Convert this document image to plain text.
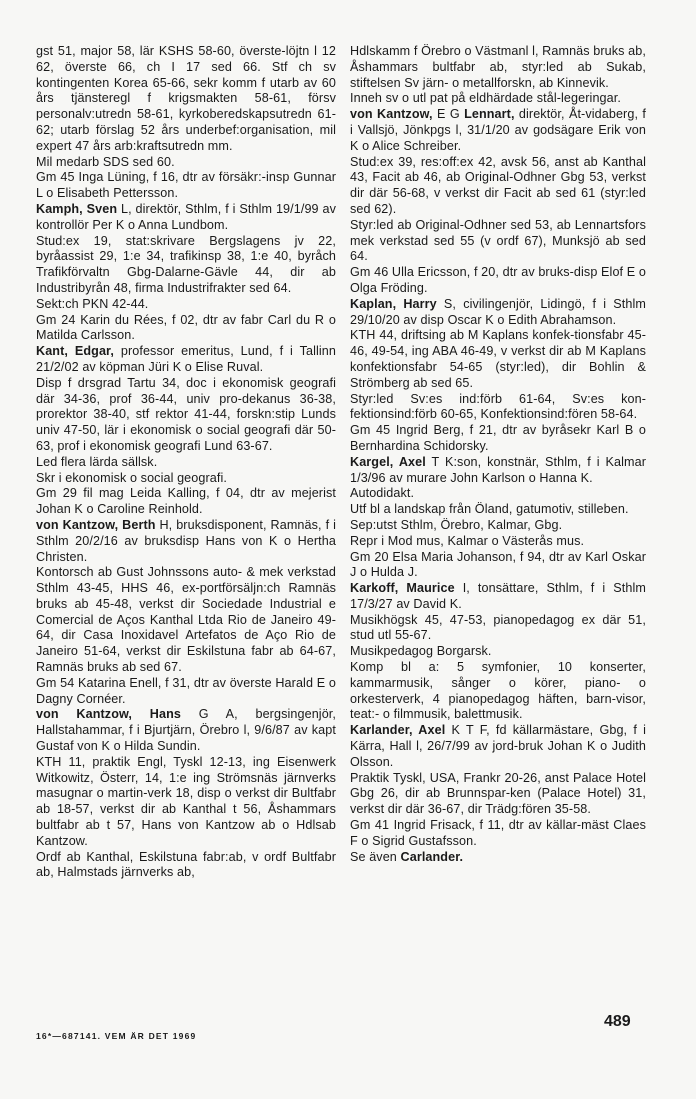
gst 51, major 58, lär KSHS 58-60, överste-löjtn l 12 62, överste 66, ch I 17 sed 66. Stf ch sv kontingenten Korea 65-66, sekr komm f utarb av 60 års tjänsteregl f krigsmakten 58-61, försv personalv:utredn 58-61, kyrkoberedskapsutredn 61-62; utarb förslag 52 års underbef:organisation, mil expert 47 års arb:kraftsutredn mm.

Mil medarb SDS sed 60.

Gm 45 Inga Lüning, f 16, dtr av försäkr:-insp Gunnar L o Elisabeth Pettersson.

Kamph, Sven L, direktör, Sthlm, f i Sthlm 19/1/99 av kontrollör Per K o Anna Lundbom.

Stud:ex 19, stat:skrivare Bergslagens jv 22, byråassist 29, 1:e 34, trafikinsp 38, 1:e 40, byråch Trafikförvaltn Gbg-Dalarne-Gävle 44, dir ab Industribyrån 48, firma Industrifrakter sed 64.

Sekt:ch PKN 42-44.

Gm 24 Karin du Rées, f 02, dtr av fabr Carl du R o Matilda Carlsson.

Kant, Edgar, professor emeritus, Lund, f i Tallinn 21/2/02 av köpman Jüri K o Elise Ruval.

Disp f drsgrad Tartu 34, doc i ekonomisk geografi där 34-36, prof 36-44, univ pro-dekanus 36-38, prorektor 38-40, stf rektor 41-44, forskn:stip Lunds univ 47-50, lär i ekonomisk o social geografi där 50-63, prof i ekonomisk geografi Lund 63-67.

Led flera lärda sällsk.

Skr i ekonomisk o social geografi.

Gm 29 fil mag Leida Kalling, f 04, dtr av mejerist Johan K o Caroline Reinhold.

von Kantzow, Berth H, bruksdisponent, Ramnäs, f i Sthlm 20/2/16 av bruksdisp Hans von K o Hertha Christen.

Kontorsch ab Gust Johnssons auto- & mek verkstad Sthlm 43-45, HHS 46, ex-portförsäljn:ch Ramnäs bruks ab 45-48, verkst dir Sociedade Industrial e Comercial de Aços Kanthal Ltda Rio de Janeiro 49-64, dir Casa Inoxidavel Artefatos de Aço Rio de Janeiro 51-64, verkst dir Eskilstuna fabr ab 64-67, Ramnäs bruks ab sed 67.

Gm 54 Katarina Enell, f 31, dtr av överste Harald E o Dagny Cornéer.

von Kantzow, Hans G A, bergsingenjör, Hallstahammar, f i Bjurtjärn, Örebro l, 9/6/87 av kapt Gustaf von K o Hilda Sundin.

KTH 11, praktik Engl, Tyskl 12-13, ing Eisenwerk Witkowitz, Österr, 14, 1:e ing Strömsnäs järnverks masugnar o martin-verk 18, disp o verkst dir Bultfabr ab 18-57, verkst dir ab Kanthal t 56, Åshammars bultfabr ab t 57, Hans von Kantzow ab o Hdlsab Kantzow.

Ordf ab Kanthal, Eskilstuna fabr:ab, v ordf Bultfabr ab, Halmstads järnverks ab,

Hdlskamm f Örebro o Västmanl l, Ramnäs bruks ab, Åshammars bultfabr ab, styr:led ab Sukab, stiftelsen Sv järn- o metallforskn, ab Kinnevik.

Inneh sv o utl pat på eldhärdade stål-legeringar.

von Kantzow, E G Lennart, direktör, Åt-vidaberg, f i Vallsjö, Jönkpgs l, 31/1/20 av godsägare Erik von K o Alice Schreiber.

Stud:ex 39, res:off:ex 42, avsk 56, anst ab Kanthal 43, Facit ab 46, ab Original-Odhner Gbg 53, verkst dir där 56-68, v verkst dir Facit ab sed 61 (styr:led sed 62).

Styr:led ab Original-Odhner sed 53, ab Lennartsfors mek verkstad sed 55 (v ordf 67), Munksjö ab sed 64.

Gm 46 Ulla Ericsson, f 20, dtr av bruks-disp Elof E o Olga Fröding.

Kaplan, Harry S, civilingenjör, Lidingö, f i Sthlm 29/10/20 av disp Oscar K o Edith Abrahamson.

KTH 44, driftsing ab M Kaplans konfek-tionsfabr 45-46, 49-54, ing ABA 46-49, v verkst dir ab M Kaplans konfektionsfabr 54-65 (styr:led), dir Bohlin & Strömberg ab sed 65.

Styr:led Sv:es ind:förb 61-64, Sv:es kon-fektionsind:förb 60-65, Konfektionsind:fören 58-64.

Gm 45 Ingrid Berg, f 21, dtr av byråsekr Karl B o Bernhardina Schidorsky.

Kargel, Axel T K:son, konstnär, Sthlm, f i Kalmar 1/3/96 av murare John Karlson o Hanna K.

Autodidakt.

Utf bl a landskap från Öland, gatumotiv, stilleben.

Sep:utst Sthlm, Örebro, Kalmar, Gbg.

Repr i Mod mus, Kalmar o Västerås mus.

Gm 20 Elsa Maria Johanson, f 94, dtr av Karl Oskar J o Hulda J.

Karkoff, Maurice I, tonsättare, Sthlm, f i Sthlm 17/3/27 av David K.

Musikhögsk 45, 47-53, pianopedagog ex där 51, stud utl 55-67.

Musikpedagog Borgarsk.

Komp bl a: 5 symfonier, 10 konserter, kammarmusik, sånger o körer, piano- o orkesterverk, 4 pianopedagog häften, barn-visor, teat:- o filmmusik, balettmusik.

Karlander, Axel K T F, fd källarmästare, Gbg, f i Kärra, Hall l, 26/7/99 av jord-bruk Johan K o Judith Olsson.

Praktik Tyskl, USA, Frankr 20-26, anst Palace Hotel Gbg 26, dir ab Brunnspar-ken (Palace Hotel) 31, verkst dir där 36-67, dir Trädg:fören 35-58.

Gm 41 Ingrid Frisack, f 11, dtr av källar-mäst Claes F o Sigrid Gustafsson.

Se även Carlander.

16*—687141. VEM ÄR DET 1969
489
